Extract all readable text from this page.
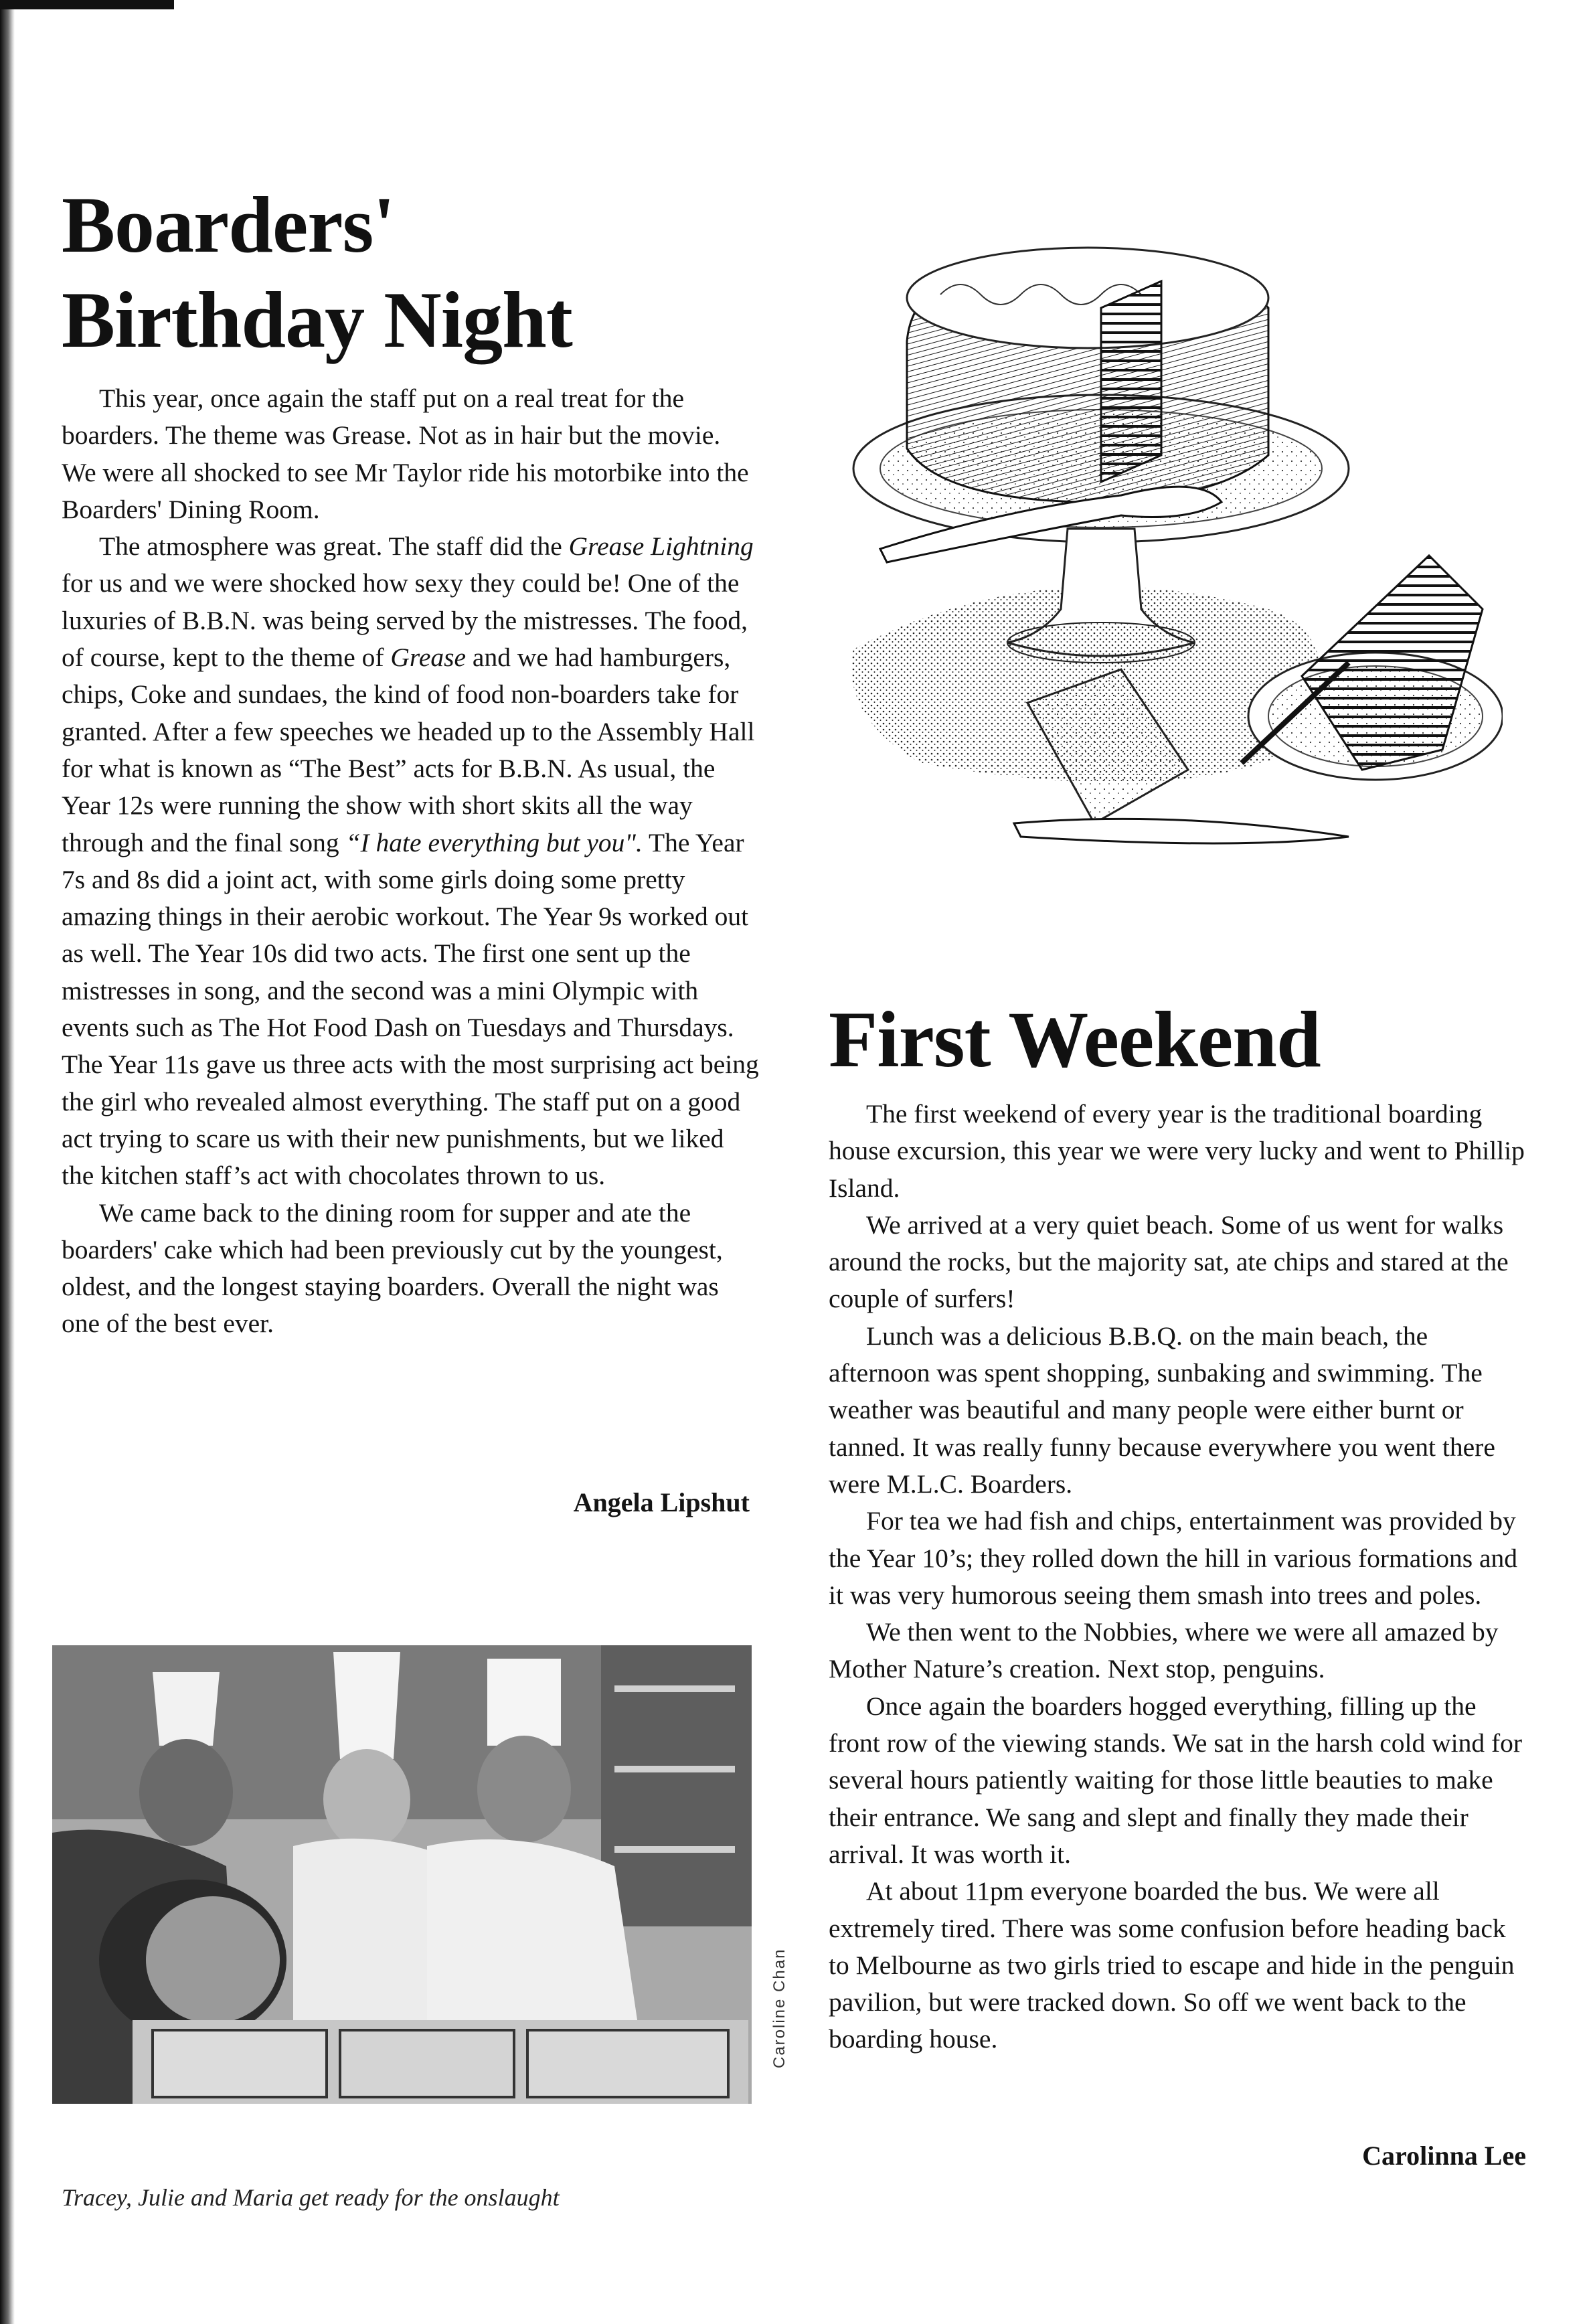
Boarders'
Birthday Night

This year, once again the staff put on a real treat for the boarders. The theme was Grease. Not as in hair but the movie. We were all shocked to see Mr Taylor ride his motorbike into the Boarders' Dining Room.

The atmosphere was great. The staff did the Grease Lightning for us and we were shocked how sexy they could be! One of the luxuries of B.B.N. was being served by the mistresses. The food, of course, kept to the theme of Grease and we had hamburgers, chips, Coke and sundaes, the kind of food non-boarders take for granted. After a few speeches we headed up to the Assembly Hall for what is known as “The Best” acts for B.B.N. As usual, the Year 12s were running the show with short skits all the way through and the final song “I hate everything but you". The Year 7s and 8s did a joint act, with some girls doing some pretty amazing things in their aerobic workout. The Year 9s worked out as well. The Year 10s did two acts. The first one sent up the mistresses in song, and the second was a mini Olympic with events such as The Hot Food Dash on Tuesdays and Thursdays. The Year 11s gave us three acts with the most surprising act being the girl who revealed almost everything. The staff put on a good act trying to scare us with their new punishments, but we liked the kitchen staff’s act with chocolates thrown to us.

We came back to the dining room for supper and ate the boarders' cake which had been previously cut by the youngest, oldest, and the longest staying boarders. Overall the night was one of the best ever.

Angela Lipshut
Caroline Chan
Tracey, Julie and Maria get ready for the onslaught
First Weekend

The first weekend of every year is the traditional boarding house excursion, this year we were very lucky and went to Phillip Island.

We arrived at a very quiet beach. Some of us went for walks around the rocks, but the majority sat, ate chips and stared at the couple of surfers!

Lunch was a delicious B.B.Q. on the main beach, the afternoon was spent shopping, sunbaking and swimming. The weather was beautiful and many people were either burnt or tanned. It was really funny because everywhere you went there were M.L.C. Boarders.

For tea we had fish and chips, entertainment was provided by the Year 10’s; they rolled down the hill in various formations and it was very humorous seeing them smash into trees and poles.

We then went to the Nobbies, where we were all amazed by Mother Nature’s creation. Next stop, penguins.

Once again the boarders hogged everything, filling up the front row of the viewing stands. We sat in the harsh cold wind for several hours patiently waiting for those little beauties to make their entrance. We sang and slept and finally they made their arrival. It was worth it.

At about 11pm everyone boarded the bus. We were all extremely tired. There was some confusion before heading back to Melbourne as two girls tried to escape and hide in the penguin pavilion, but were tracked down. So off we went back to the boarding house.

Carolinna Lee
